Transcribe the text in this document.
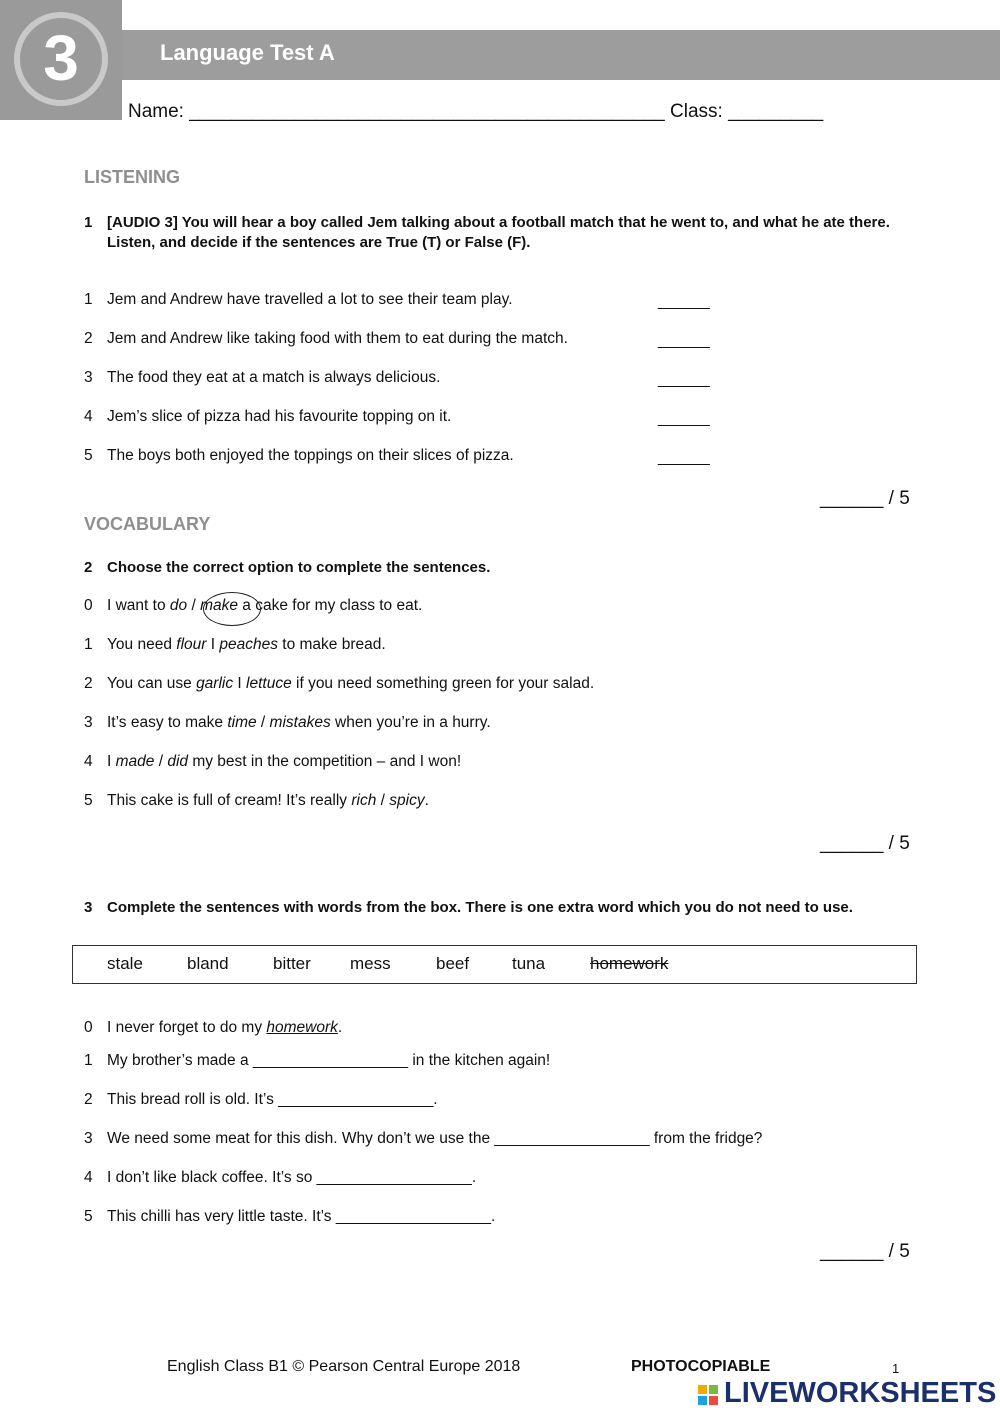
3	Language Test A
Name: _____________________________________________ Class: _________
LISTENING
1 [AUDIO 3] You will hear a boy called Jem talking about a football match that he went to, and what he ate there. Listen, and decide if the sentences are True (T) or False (F).
1 Jem and Andrew have travelled a lot to see their team play.	______
2 Jem and Andrew like taking food with them to eat during the match.	______
3 The food they eat at a match is always delicious.	______
4 Jem’s slice of pizza had his favourite topping on it.	______
5 The boys both enjoyed the toppings on their slices of pizza.	______
______ / 5
VOCABULARY
2 Choose the correct option to complete the sentences.
0 I want to do / make a cake for my class to eat.
1 You need flour I peaches to make bread.
2 You can use garlic I lettuce if you need something green for your salad.
3 It’s easy to make time / mistakes when you’re in a hurry.
4 I made / did my best in the competition – and I won!
5 This cake is full of cream! It’s really rich / spicy.
______ / 5
3 Complete the sentences with words from the box. There is one extra word which you do not need to use.
stale	bland	bitter mess	beef	tuna	homework
0 I never forget to do my homework.
1 My brother’s made a __________________ in the kitchen again!
2 This bread roll is old. It’s __________________.
3 We need some meat for this dish. Why don’t we use the __________________ from the fridge?
4 I don’t like black coffee. It’s so __________________.
5 This chilli has very little taste. It’s __________________.
______ / 5
English Class B1 © Pearson Central Europe 2018	PHOTOCOPIABLE	1
LIVEWORKSHEETS
